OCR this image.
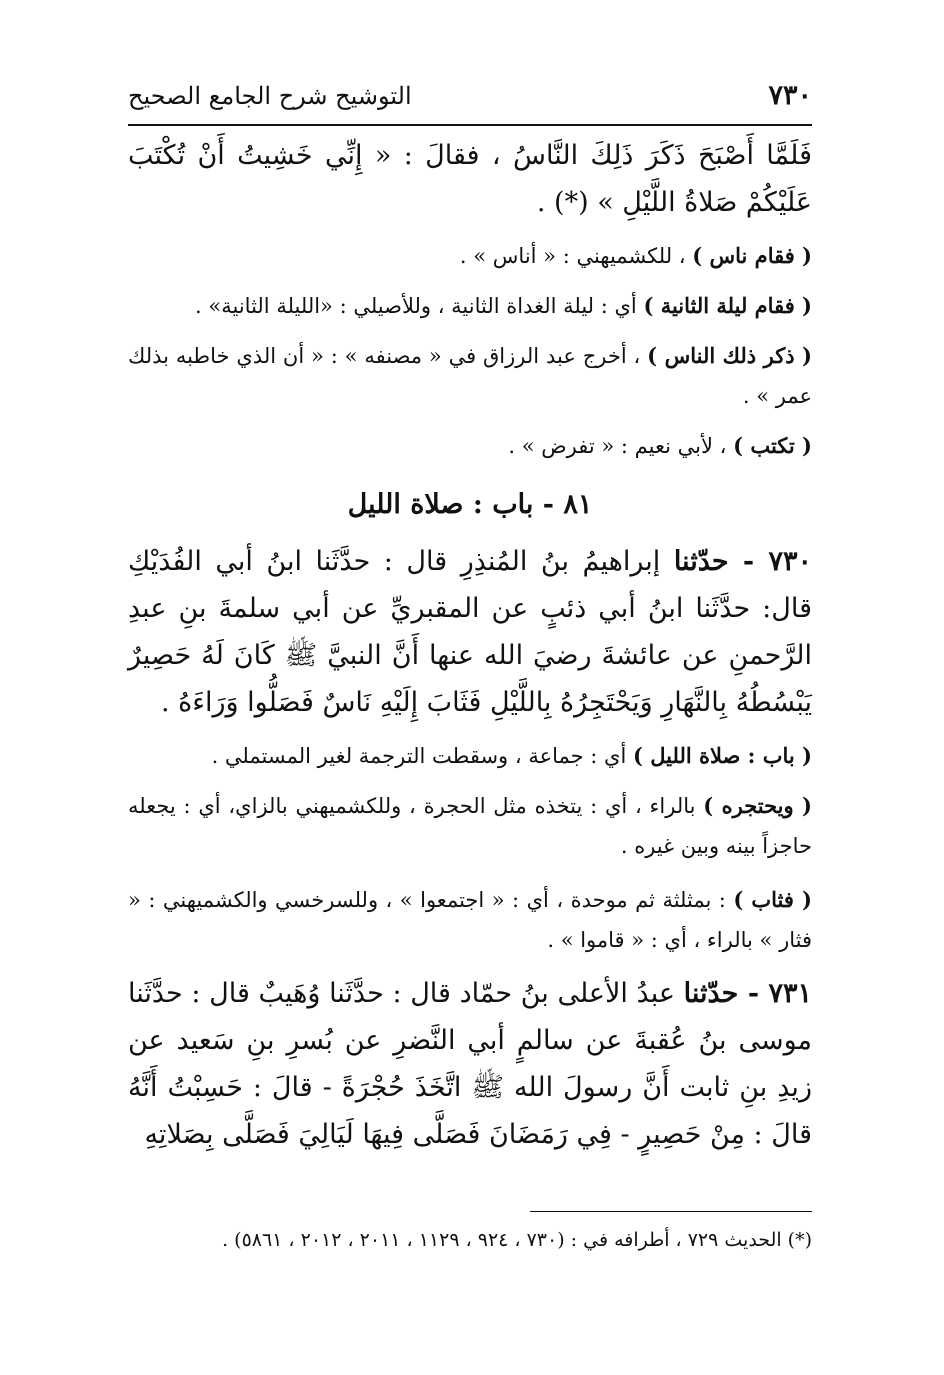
٧٣٠
التوشيح شرح الجامع الصحيح

فَلَمَّا أَصْبَحَ ذَكَرَ ذَلِكَ النَّاسُ ، فقالَ : « إِنِّي خَشِيتُ أَنْ تُكْتَبَ عَلَيْكُمْ صَلاةُ اللَّيْلِ » (*) .

( فقام ناس ) ، للكشميهني : « أناس » .

( فقام ليلة الثانية ) أي : ليلة الغداة الثانية ، وللأصيلي : «الليلة الثانية» .

( ذكر ذلك الناس ) ، أخرج عبد الرزاق في « مصنفه » : « أن الذي خاطبه بذلك عمر » .

( تكتب ) ، لأبي نعيم : « تفرض » .

٨١ - باب : صلاة الليل

٧٣٠ - حدّثنا إبراهيمُ بنُ المُنذِرِ قال : حدَّثَنا ابنُ أبي الفُدَيْكِ قال: حدَّثَنا ابنُ أبي ذئبٍ عن المقبريِّ عن أبي سلمةَ بنِ عبدِ الرَّحمنِ عن عائشةَ رضيَ الله عنها أَنَّ النبيَّ ﷺ كَانَ لَهُ حَصِيرٌ يَبْسُطُهُ بِالنَّهَارِ وَيَحْتَجِرُهُ بِاللَّيْلِ فَثَابَ إِلَيْهِ نَاسٌ فَصَلُّوا وَرَاءَهُ .

( باب : صلاة الليل ) أي : جماعة ، وسقطت الترجمة لغير المستملي .

( ويحتجره ) بالراء ، أي : يتخذه مثل الحجرة ، وللكشميهني بالزاي، أي : يجعله حاجزاً بينه وبين غيره .

( فثاب ) : بمثلثة ثم موحدة ، أي : « اجتمعوا » ، وللسرخسي والكشميهني : « فثار » بالراء ، أي : « قاموا » .

٧٣١ - حدّثنا عبدُ الأعلى بنُ حمّاد قال : حدَّثَنا وُهَيبٌ قال : حدَّثَنا موسى بنُ عُقبةَ عن سالمٍ أبي النَّضرِ عن بُسرِ بنِ سَعيد عن زيدِ بنِ ثابت أَنَّ رسولَ الله ﷺ اتَّخَذَ حُجْرَةً - قالَ : حَسِبْتُ أَنَّهُ قالَ : مِنْ حَصِيرٍ - فِي رَمَضَانَ فَصَلَّى فِيهَا لَيَالِيَ فَصَلَّى بِصَلاتِهِ

(*) الحديث ٧٢٩ ، أطرافه في : (٧٣٠ ، ٩٢٤ ، ١١٢٩ ، ٢٠١١ ، ٢٠١٢ ، ٥٨٦١) .
